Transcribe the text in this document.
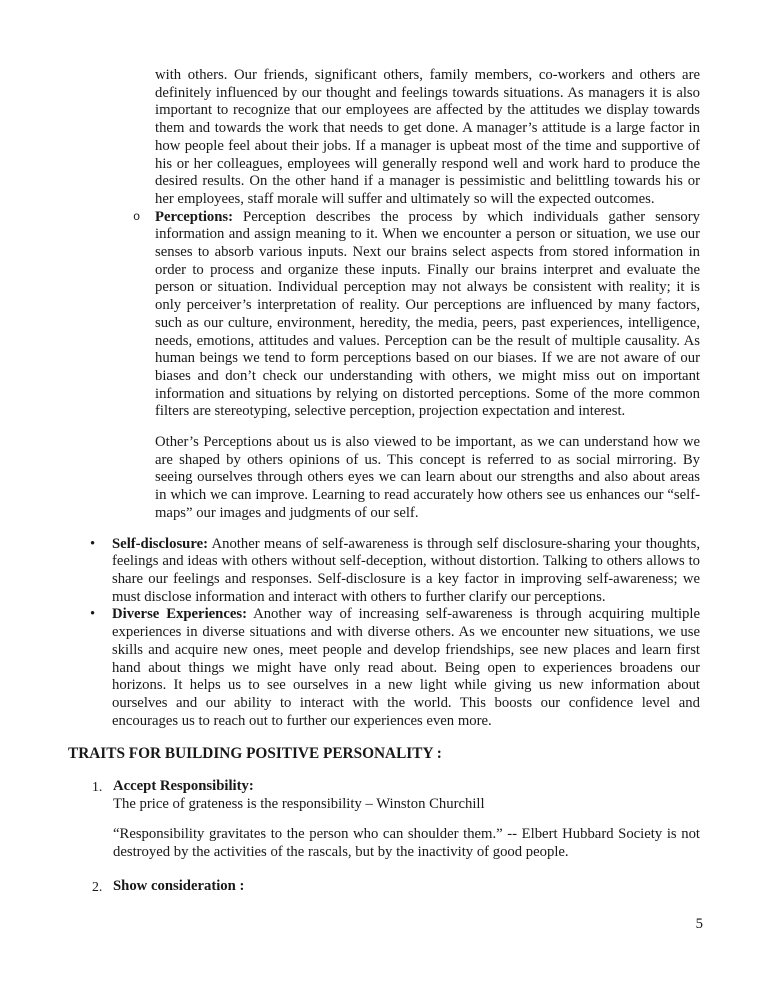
with others. Our friends, significant others, family members, co-workers and others are definitely influenced by our thought and feelings towards situations. As managers it is also important to recognize that our employees are affected by the attitudes we display towards them and towards the work that needs to get done. A manager’s attitude is a large factor in how people feel about their jobs. If a manager is upbeat most of the time and supportive of his or her colleagues, employees will generally respond well and work hard to produce the desired results. On the other hand if a manager is pessimistic and belittling towards his or her employees, staff morale will suffer and ultimately so will the expected outcomes.

o	Perceptions: Perception describes the process by which individuals gather sensory information and assign meaning to it. When we encounter a person or situation, we use our senses to absorb various inputs. Next our brains select aspects from stored information in order to process and organize these inputs. Finally our brains interpret and evaluate the person or situation. Individual perception may not always be consistent with reality; it is only perceiver’s interpretation of reality. Our perceptions are influenced by many factors, such as our culture, environment, heredity, the media, peers, past experiences, intelligence, needs, emotions, attitudes and values. Perception can be the result of multiple causality. As human beings we tend to form perceptions based on our biases. If we are not aware of our biases and don’t check our understanding with others, we might miss out on important information and situations by relying on distorted perceptions. Some of the more common filters are stereotyping, selective perception, projection expectation and interest.

Other’s Perceptions about us is also viewed to be important, as we can understand how we are shaped by others opinions of us. This concept is referred to as social mirroring. By seeing ourselves through others eyes we can learn about our strengths and also about areas in which we can improve. Learning to read accurately how others see us enhances our “self-maps” our images and judgments of our self.

•	Self-disclosure: Another means of self-awareness is through self disclosure-sharing your thoughts, feelings and ideas with others without self-deception, without distortion. Talking to others allows to share our feelings and responses. Self-disclosure is a key factor in improving self-awareness; we must disclose information and interact with others to further clarify our perceptions.

•	Diverse Experiences: Another way of increasing self-awareness is through acquiring multiple experiences in diverse situations and with diverse others. As we encounter new situations, we use skills and acquire new ones, meet people and develop friendships, see new places and learn first hand about things we might have only read about. Being open to experiences broadens our horizons. It helps us to see ourselves in a new light while giving us new information about ourselves and our ability to interact with the world. This boosts our confidence level and encourages us to reach out to further our experiences even more.

TRAITS FOR BUILDING POSITIVE PERSONALITY :
1. Accept Responsibility:

The price of grateness is the responsibility – Winston Churchill

“Responsibility gravitates to the person who can shoulder them.” -- Elbert Hubbard Society is not destroyed by the activities of the rascals, but by the inactivity of good people.

2. Show consideration :

5
